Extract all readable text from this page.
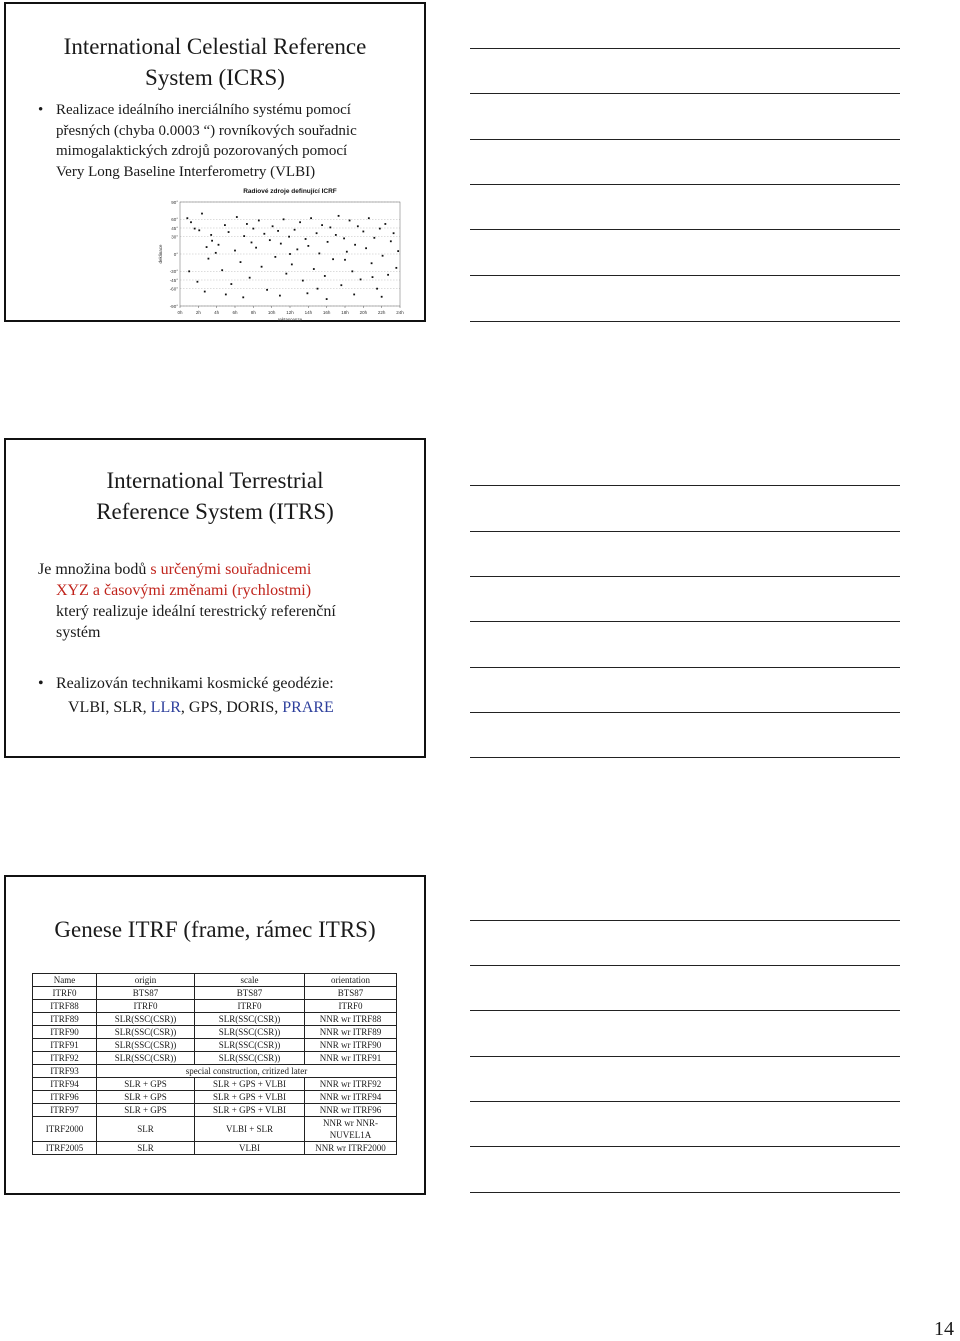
International Celestial Reference
System (ICRS)
• Realizace ideálního inerciálního systému pomocí
přesných (chyba 0.0003 “) rovníkových souřadnic
mimogalaktických zdrojů pozorovaných pomocí
Very Long Baseline Interferometry (VLBI)
Radiové zdroje definující ICRF
90°
60°
45°
30°
0°
-30°
-45°
-60°
-90°
0h	2h	4h	6h	8h	10h 12h 14h 16h 18h 20h 22h 24h
rektascenze
deklinace
International Terrestrial
Reference System (ITRS)
Je množina bodů s určenými souřadnicemi
XYZ a časovými změnami (rychlostmi)
který realizuje ideální terestrický referenční
systém
• Realizován technikami kosmické geodézie:
VLBI, SLR, LLR, GPS, DORIS, PRARE
Genese ITRF (frame, rámec ITRS)
Name	origin	scale	orientation
ITRF0	BTS87	BTS87	BTS87
ITRF88	ITRF0	ITRF0	ITRF0
ITRF89	SLR(SSC(CSR))	SLR(SSC(CSR))	NNR wr ITRF88
ITRF90	SLR(SSC(CSR))	SLR(SSC(CSR))	NNR wr ITRF89
ITRF91	SLR(SSC(CSR))	SLR(SSC(CSR))	NNR wr ITRF90
ITRF92	SLR(SSC(CSR))	SLR(SSC(CSR))	NNR wr ITRF91
ITRF93	special construction, critized later		
ITRF94	SLR + GPS	SLR + GPS + VLBI	NNR wr ITRF92
ITRF96	SLR + GPS	SLR + GPS + VLBI	NNR wr ITRF94
ITRF97	SLR + GPS	SLR + GPS + VLBI	NNR wr ITRF96
ITRF2000	SLR	VLBI + SLR	NNR wr NNR-NUVEL1A
ITRF2005	SLR	VLBI	NNR wr ITRF2000
14
